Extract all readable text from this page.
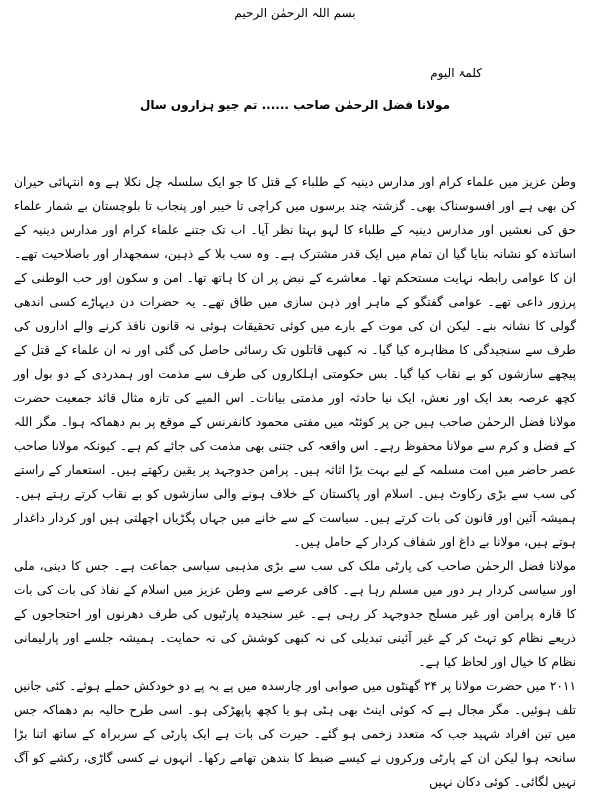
بسم اللہ الرحمٰن الرحیم
کلمۃ الیوم
مولانا فضل الرحمٰن صاحب ...... تم جیو ہزاروں سال

وطن عزیز میں علماء کرام اور مدارس دینیہ کے طلباء کے قتل کا جو ایک سلسلہ چل نکلا ہے وہ انتہائی حیران کن بھی ہے اور افسوسناک بھی۔ گزشتہ چند برسوں میں کراچی تا خیبر اور پنجاب تا بلوچستان بے شمار علماء حق کی نعشیں اور مدارس دینیہ کے طلباء کا لہو بہتا نظر آیا۔ اب تک جتنے علماء کرام اور مدارس دینیہ کے اساتذہ کو نشانہ بنایا گیا ان تمام میں ایک قدر مشترک ہے۔ وہ سب بلا کے ذہین، سمجھدار اور باصلاحیت تھے۔ ان کا عوامی رابطہ نہایت مستحکم تھا۔ معاشرے کے نبض پر ان کا ہاتھ تھا۔ امن و سکون اور حب الوطنی کے پرزور داعی تھے۔ عوامی گفتگو کے ماہر اور ذہن سازی میں طاق تھے۔ یہ حضرات دن دیہاڑے کسی اندھی گولی کا نشانہ بنے۔ لیکن ان کی موت کے بارے میں کوئی تحقیقات ہوئی نہ قانون نافذ کرنے والے اداروں کی طرف سے سنجیدگی کا مظاہرہ کیا گیا۔ نہ کبھی قاتلوں تک رسائی حاصل کی گئی اور نہ ان علماء کے قتل کے پیچھے سازشوں کو بے نقاب کیا گیا۔ بس حکومتی اہلکاروں کی طرف سے مذمت اور ہمدردی کے دو بول اور کچھ عرصہ بعد ایک اور نعش، ایک نیا حادثہ اور مذمتی بیانات۔ اس المیے کی تازہ مثال قائد جمعیت حضرت مولانا فضل الرحمٰن صاحب ہیں جن پر کوئٹہ میں مفتی محمود کانفرنس کے موقع پر بم دھماکہ ہوا۔ مگر اللہ کے فضل و کرم سے مولانا محفوظ رہے۔ اس واقعہ کی جتنی بھی مذمت کی جائے کم ہے۔ کیونکہ مولانا صاحب عصر حاضر میں امت مسلمہ کے لیے بہت بڑا اثاثہ ہیں۔ پرامن جدوجہد پر یقین رکھتے ہیں۔ استعمار کے راستے کی سب سے بڑی رکاوٹ ہیں۔ اسلام اور پاکستان کے خلاف ہونے والی سازشوں کو بے نقاب کرتے رہتے ہیں۔ ہمیشہ آئین اور قانون کی بات کرتے ہیں۔ سیاست کے سے خانے میں جہاں پگڑیاں اچھلتی ہیں اور کردار داغدار ہوتے ہیں، مولانا بے داغ اور شفاف کردار کے حامل ہیں۔

مولانا فضل الرحمٰن صاحب کی پارٹی ملک کی سب سے بڑی مذہبی سیاسی جماعت ہے۔ جس کا دینی، ملی اور سیاسی کردار ہر دور میں مسلم رہا ہے۔ کافی عرصے سے وطن عزیز میں اسلام کے نفاذ کی بات کی بات کا قارہ پرامن اور غیر مسلح جدوجہد کر رہی ہے۔ غیر سنجیدہ پارٹیوں کی طرف دھرنوں اور احتجاجوں کے ذریعے نظام کو تہٹ کر کے غیر آئینی تبدیلی کی نہ کبھی کوشش کی نہ حمایت۔ ہمیشہ جلسے اور پارلیمانی نظام کا خیال اور لحاظ کیا ہے۔

۲۰۱۱ میں حضرت مولانا پر ۲۴ گھنٹوں میں صوابی اور چارسدہ میں پے بہ پے دو خودکش حملے ہوئے۔ کئی جانیں تلف ہوئیں۔ مگر مجال ہے کہ کوئی اینٹ بھی ہٹی ہو یا کچھ پاپھڑکی ہو۔ اسی طرح حالیہ بم دھماکہ جس میں تین افراد شہید جب کہ متعدد زخمی ہو گئے۔ حیرت کی بات ہے ایک پارٹی کے سربراہ کے ساتھ اتنا بڑا سانحہ ہوا لیکن ان کے پارٹی ورکروں نے کیسے ضبط کا بندھن تھامے رکھا۔ انہوں نے کسی گاڑی، رکشے کو آگ نہیں لگائی۔ کوئی دکان نہیں
